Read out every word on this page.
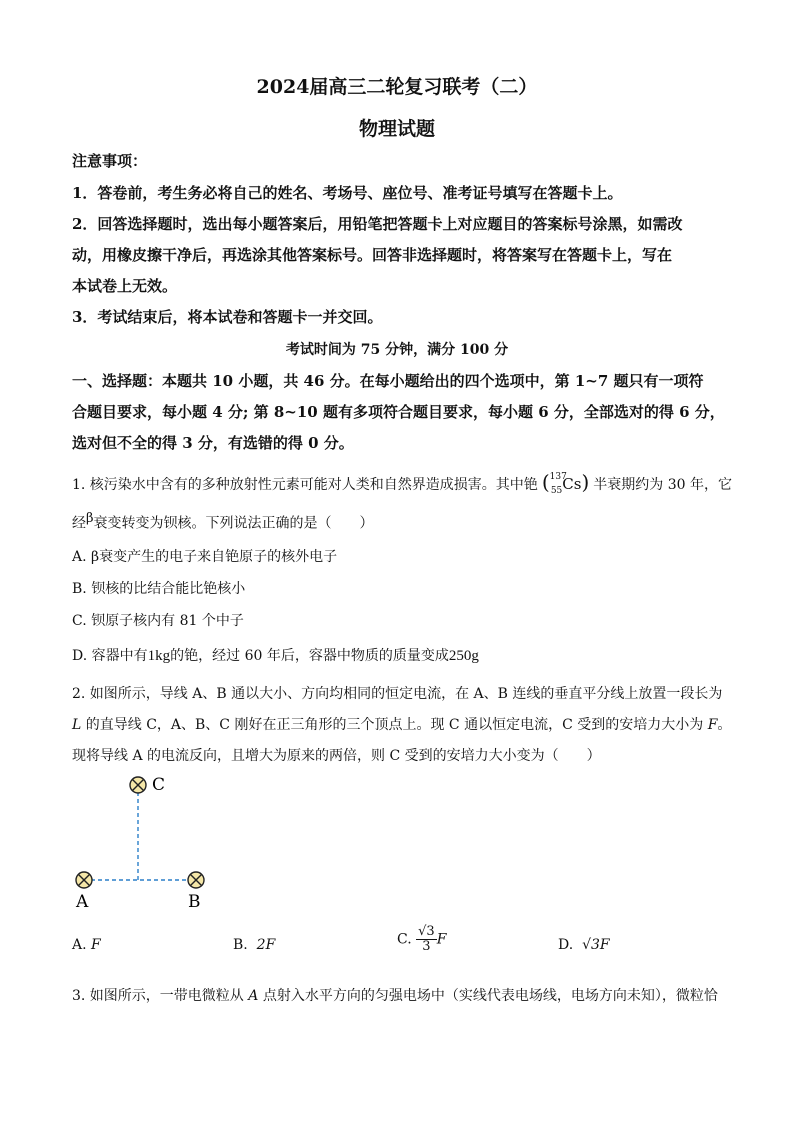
2024届高三二轮复习联考（二）
物理试题
注意事项：
1．答卷前，考生务必将自己的姓名、考场号、座位号、准考证号填写在答题卡上。
2．回答选择题时，选出每小题答案后，用铅笔把答题卡上对应题目的答案标号涂黑，如需改
动，用橡皮擦干净后，再选涂其他答案标号。回答非选择题时，将答案写在答题卡上，写在
本试卷上无效。
3．考试结束后，将本试卷和答题卡一并交回。
考试时间为 75 分钟，满分 100 分
一、选择题：本题共 10 小题，共 46 分。在每小题给出的四个选项中，第 1~7 题只有一项符
合题目要求，每小题 4 分; 第 8~10 题有多项符合题目要求，每小题 6 分，全部选对的得 6 分，
选对但不全的得 3 分，有选错的得 0 分。
1. 核污染水中含有的多种放射性元素可能对人类和自然界造成损害。其中铯 ($^{137}_{55}$Cs) 半衰期约为 30 年，它
经$^\beta$衰变转变为钡核。下列说法正确的是（　　）
A. β衰变产生的电子来自铯原子的核外电子
B. 钡核的比结合能比铯核小
C. 钡原子核内有 81 个中子
D. 容器中有1kg的铯，经过 60 年后，容器中物质的质量变成250g
2. 如图所示，导线 A、B 通以大小、方向均相同的恒定电流，在 A、B 连线的垂直平分线上放置一段长为
L 的直导线 C，A、B、C 刚好在正三角形的三个顶点上。现 C 通以恒定电流，C 受到的安培力大小为 F。
现将导线 A 的电流反向，且增大为原来的两倍，则 C 受到的安培力大小变为（　　）
C
A	B
A. F	B. 2F	C. $\frac{√3}{3}$ F	D. √3F
3. 如图所示，一带电微粒从 A 点射入水平方向的匀强电场中（实线代表电场线，电场方向未知），微粒恰
